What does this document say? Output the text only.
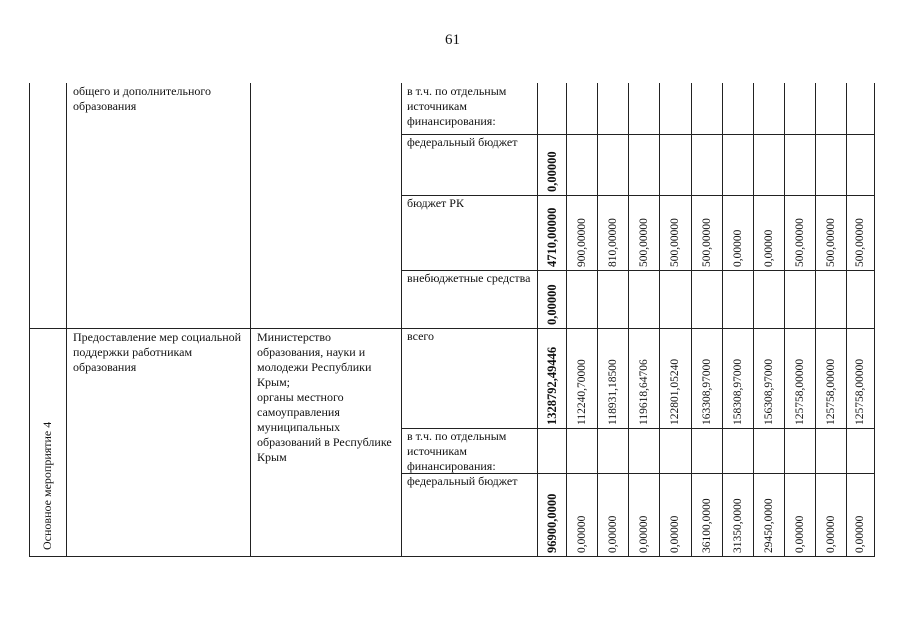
61
общего и дополнительного образования
в т.ч. по отдельным источникам финансирования:
федеральный бюджет
0,00000
бюджет РК
4710,00000 900,00000 810,00000 500,00000 500,00000 500,00000 0,00000 0,00000 500,00000 500,00000 500,00000
внебюджетные средства
0,00000
Основное мероприятие 4
Предоставление мер социальной поддержки работникам образования
Министерство образования, науки и молодежи Республики Крым;
органы местного самоуправления муниципальных образований в Республике Крым
всего
1328792,49446 112240,70000 118931,18500 119618,64706 122801,05240 163308,97000 158308,97000 156308,97000 125758,00000 125758,00000 125758,00000
в т.ч. по отдельным источникам финансирования:
федеральный бюджет
96900,0000 0,00000 0,00000 0,00000 0,00000 36100,0000 31350,0000 29450,0000 0,00000 0,00000 0,00000
